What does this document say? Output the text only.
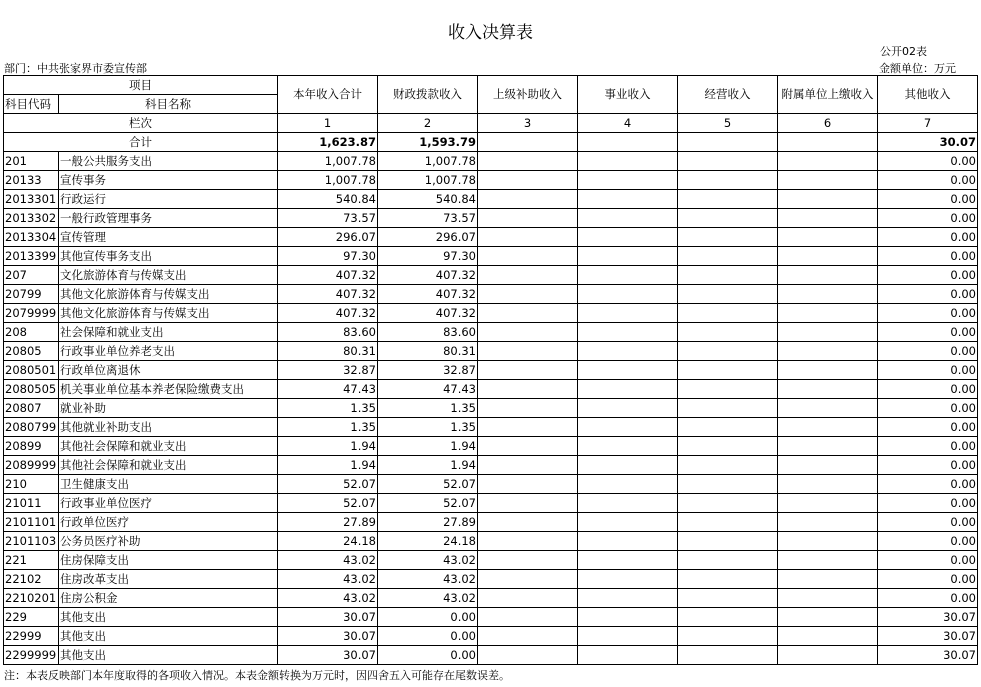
收入决算表
公开02表
部门：中共张家界市委宣传部	金额单位：万元
项目		本年收入合计	财政拨款收入	上级补助收入	事业收入	经营收入	附属单位上缴收入	其他收入
科目代码	科目名称							
栏次		1	2	3	4	5	6	7
合计		1,623.87	1,593.79					30.07
201	一般公共服务支出	1,007.78	1,007.78					0.00
20133	宣传事务	1,007.78	1,007.78					0.00
2013301	行政运行	540.84	540.84					0.00
2013302	一般行政管理事务	73.57	73.57					0.00
2013304	宣传管理	296.07	296.07					0.00
2013399	其他宣传事务支出	97.30	97.30					0.00
207	文化旅游体育与传媒支出	407.32	407.32					0.00
20799	其他文化旅游体育与传媒支出	407.32	407.32					0.00
2079999	其他文化旅游体育与传媒支出	407.32	407.32					0.00
208	社会保障和就业支出	83.60	83.60					0.00
20805	行政事业单位养老支出	80.31	80.31					0.00
2080501	行政单位离退休	32.87	32.87					0.00
2080505	机关事业单位基本养老保险缴费支出	47.43	47.43					0.00
20807	就业补助	1.35	1.35					0.00
2080799	其他就业补助支出	1.35	1.35					0.00
20899	其他社会保障和就业支出	1.94	1.94					0.00
2089999	其他社会保障和就业支出	1.94	1.94					0.00
210	卫生健康支出	52.07	52.07					0.00
21011	行政事业单位医疗	52.07	52.07					0.00
2101101	行政单位医疗	27.89	27.89					0.00
2101103	公务员医疗补助	24.18	24.18					0.00
221	住房保障支出	43.02	43.02					0.00
22102	住房改革支出	43.02	43.02					0.00
2210201	住房公积金	43.02	43.02					0.00
229	其他支出	30.07	0.00					30.07
22999	其他支出	30.07	0.00					30.07
2299999	其他支出	30.07	0.00					30.07
注：本表反映部门本年度取得的各项收入情况。本表金额转换为万元时，因四舍五入可能存在尾数误差。
